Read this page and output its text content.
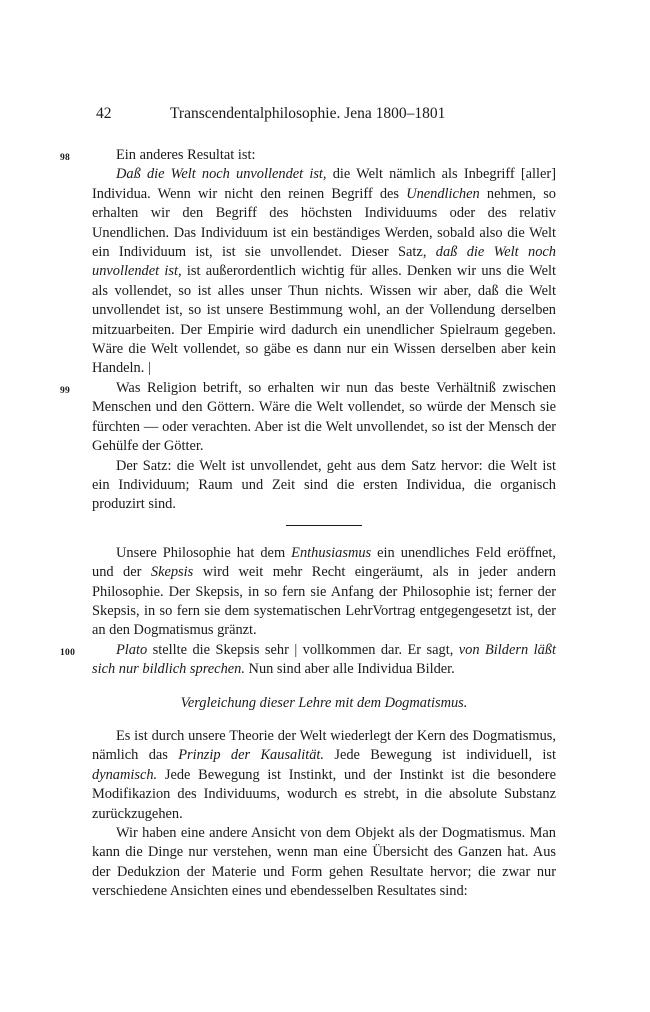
42	Transcendentalphilosophie. Jena 1800–1801

98	Ein anderes Resultat ist:

Daß die Welt noch unvollendet ist, die Welt nämlich als Inbegriff [aller] Individua. Wenn wir nicht den reinen Begriff des Unendlichen nehmen, so erhalten wir den Begriff des höchsten Individuums oder des relativ Unendlichen. Das Individuum ist ein beständiges Werden, sobald also die Welt ein Individuum ist, ist sie unvollendet. Dieser Satz, daß die Welt noch unvollendet ist, ist außerordentlich wichtig für alles. Denken wir uns die Welt als vollendet, so ist alles unser Thun nichts. Wissen wir aber, daß die Welt unvollendet ist, so ist unsere Bestimmung wohl, an der Vollendung derselben mitzuarbeiten. Der Empirie wird dadurch ein unendlicher Spielraum gegeben. Wäre die Welt vollendet, so gäbe es dann nur ein Wissen derselben aber kein Handeln. |

99	Was Religion betrift, so erhalten wir nun das beste Verhältniß zwischen Menschen und den Göttern. Wäre die Welt vollendet, so würde der Mensch sie fürchten — oder verachten. Aber ist die Welt unvollendet, so ist der Mensch der Gehülfe der Götter.

Der Satz: die Welt ist unvollendet, geht aus dem Satz hervor: die Welt ist ein Individuum; Raum und Zeit sind die ersten Individua, die organisch produzirt sind.

Unsere Philosophie hat dem Enthusiasmus ein unendliches Feld eröffnet, und der Skepsis wird weit mehr Recht eingeräumt, als in jeder andern Philosophie. Der Skepsis, in so fern sie Anfang der Philosophie ist; ferner der Skepsis, in so fern sie dem systematischen LehrVortrag entgegengesetzt ist, der an den Dogmatismus gränzt.

100	Plato stellte die Skepsis sehr | vollkommen dar. Er sagt, von Bildern läßt sich nur bildlich sprechen. Nun sind aber alle Individua Bilder.

Vergleichung dieser Lehre mit dem Dogmatismus.

Es ist durch unsere Theorie der Welt wiederlegt der Kern des Dogmatismus, nämlich das Prinzip der Kausalität. Jede Bewegung ist individuell, ist dynamisch. Jede Bewegung ist Instinkt, und der Instinkt ist die besondere Modifikazion des Individuums, wodurch es strebt, in die absolute Substanz zurückzugehen.

Wir haben eine andere Ansicht von dem Objekt als der Dogmatismus. Man kann die Dinge nur verstehen, wenn man eine Übersicht des Ganzen hat. Aus der Dedukzion der Materie und Form gehen Resultate hervor; die zwar nur verschiedene Ansichten eines und ebendesselben Resultates sind:
